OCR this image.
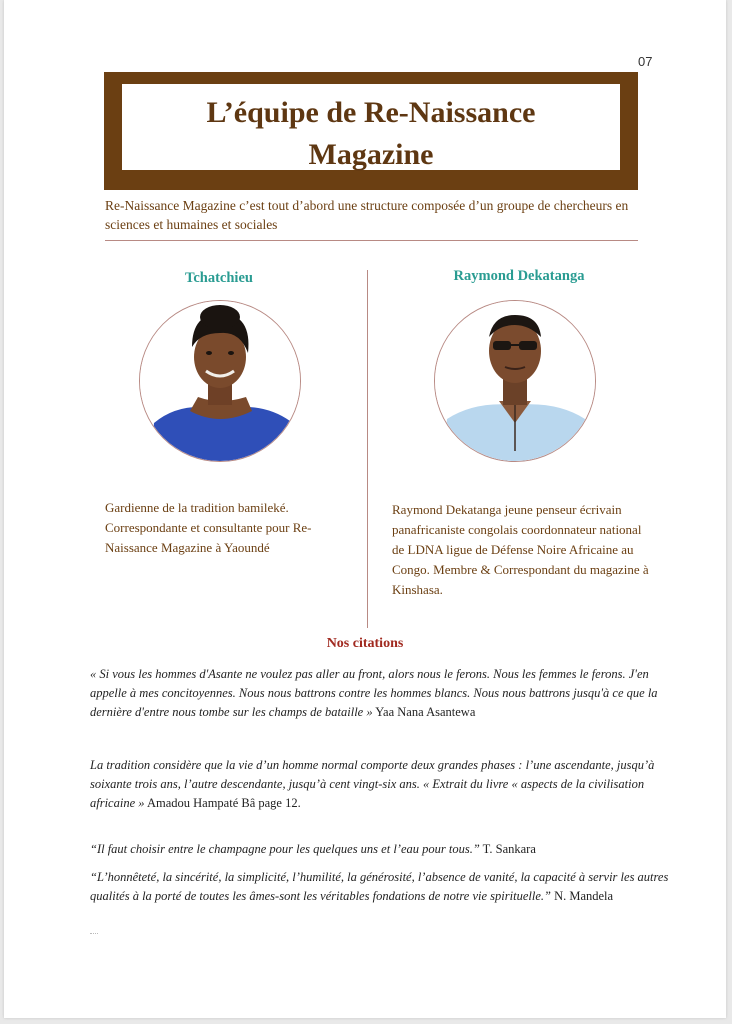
07
L’équipe de Re-Naissance
Magazine
Re-Naissance Magazine c’est tout d’abord une structure composée d’un groupe de chercheurs en sciences et humaines et sociales
Tchatchieu
Gardienne de la tradition bamileké. Correspondante et consultante pour Re-Naissance Magazine à Yaoundé
Raymond Dekatanga
Raymond Dekatanga jeune penseur écrivain panafricaniste congolais coordonnateur national de LDNA ligue de Défense Noire Africaine au Congo. Membre & Correspondant du magazine à Kinshasa.
Nos citations
« Si vous les hommes d'Asante ne voulez pas aller au front, alors nous le ferons. Nous les femmes le ferons. J'en appelle à mes concitoyennes. Nous nous battrons contre les hommes blancs. Nous nous battrons jusqu'à ce que la dernière d'entre nous tombe sur les champs de bataille » Yaa Nana Asantewa
La tradition considère que la vie d’un homme normal comporte deux grandes phases : l’une ascendante, jusqu’à soixante trois ans, l’autre descendante, jusqu’à cent vingt-six ans. « Extrait du livre « aspects de la civilisation africaine » Amadou Hampaté Bâ page 12.
“Il faut choisir entre le champagne pour les quelques uns et l’eau pour tous.” T. Sankara
“L’honnêteté, la sincérité, la simplicité, l’humilité, la générosité, l’absence de vanité, la capacité à servir les autres qualités à la porté de toutes les âmes-sont les véritables fondations de notre vie spirituelle.” N. Mandela
